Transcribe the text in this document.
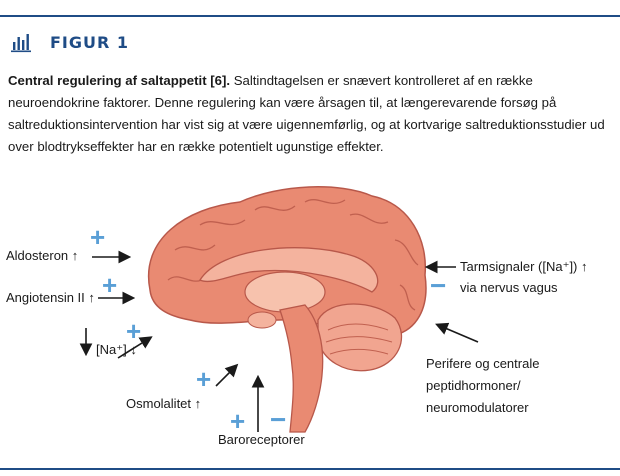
FIGUR 1
Central regulering af saltappetit [6]. Saltindtagelsen er snævert kontrolleret af en række neuroendokrine faktorer. Denne regulering kan være årsagen til, at længerevarende forsøg på saltreduktionsintervention har vist sig at være uigennemførlig, og at kortvarige saltreduktionsstudier ud over blodtrykseffekter har en række potentielt ugunstige effekter.
Aldosteron ↑
Angiotensin II ↑
[Na⁺] ↓
Osmolalitet ↑
Baroreceptorer
Tarmsignaler ([Na⁺]) ↑
via nervus vagus
Perifere og centrale
peptidhormoner/
neuromodulatorer
+
+
+
+
+ −
−
